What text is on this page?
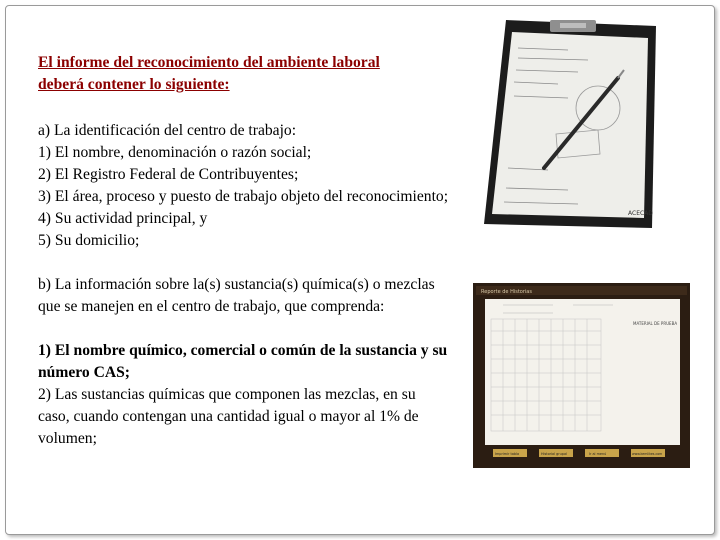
El informe del reconocimiento del ambiente laboral
deberá contener lo siguiente:
a) La identificación del centro de trabajo:
1) El nombre, denominación o razón social;
2) El Registro Federal de Contribuyentes;
3) El área, proceso y puesto de trabajo objeto del reconocimiento;
4) Su actividad principal, y
5) Su domicilio;
b) La información sobre la(s) sustancia(s) química(s) o mezclas que se manejen en el centro de trabajo, que comprenda:
1) El nombre químico, comercial o común de la sustancia y su número CAS;
2) Las sustancias químicas que componen las mezclas, en su caso, cuando contengan una cantidad igual o mayor al 1% de volumen;
ACECAD
Reporte de Historias
MATERIAL DE PRUEBA
Imprimir tabla	Historial grupal	Ir al menú	www.kemlikes.com
